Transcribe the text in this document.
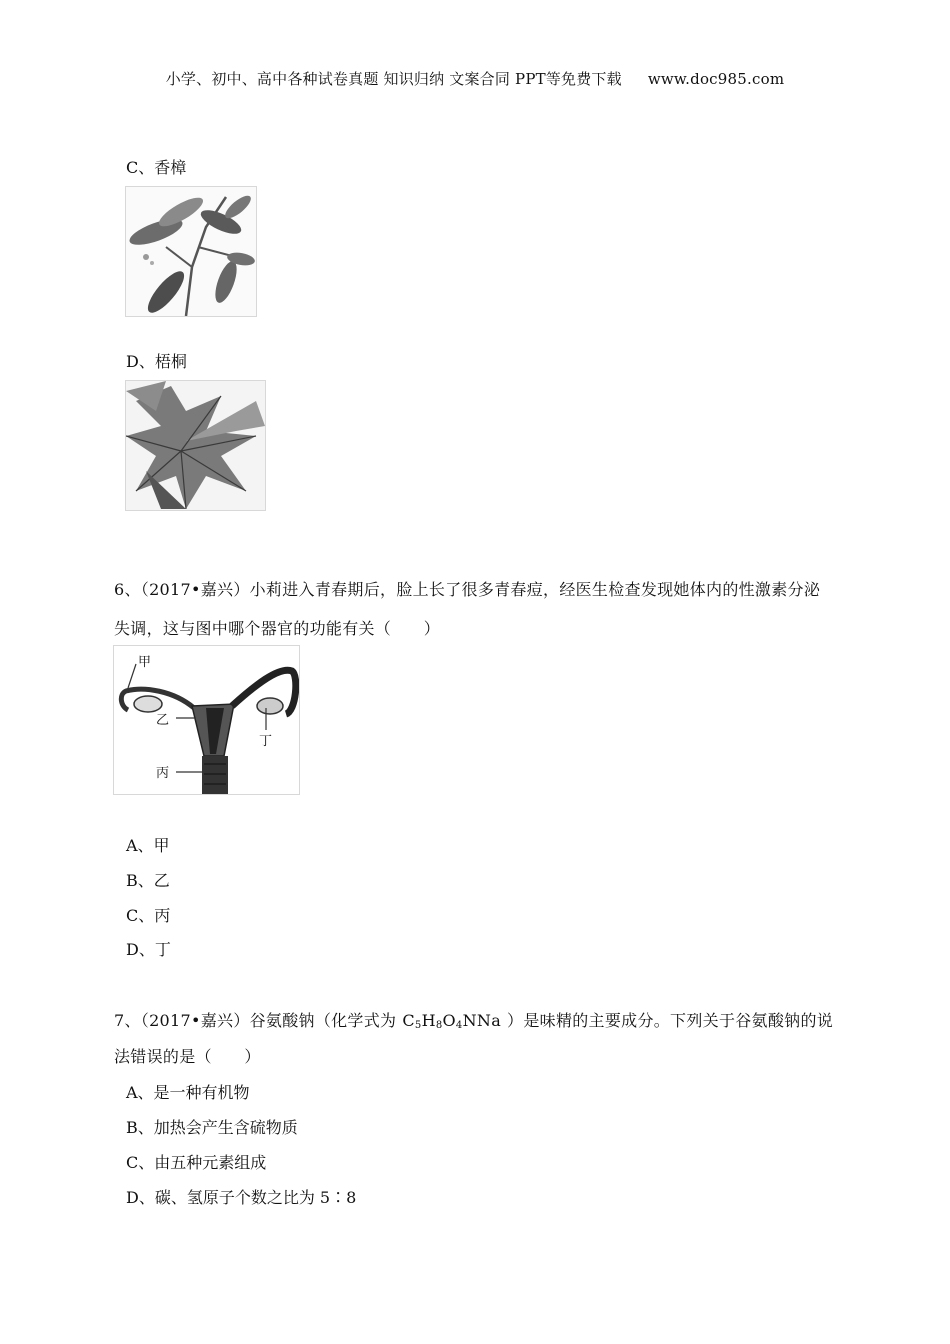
小学、初中、高中各种试卷真题 知识归纳 文案合同 PPT等免费下载 www.doc985.com
C、香樟
D、梧桐
6、（2017•嘉兴）小莉进入青春期后，脸上长了很多青春痘，经医生检查发现她体内的性激素分泌
失调，这与图中哪个器官的功能有关（　　）
甲
乙
丙
丁
A、甲
B、乙
C、丙
D、丁
7、（2017•嘉兴）谷氨酸钠（化学式为 $C_5H_8O_4NNa$ ）是味精的主要成分。下列关于谷氨酸钠的说
法错误的是（　　）
A、是一种有机物
B、加热会产生含硫物质
C、由五种元素组成
D、碳、氢原子个数之比为 5∶8
